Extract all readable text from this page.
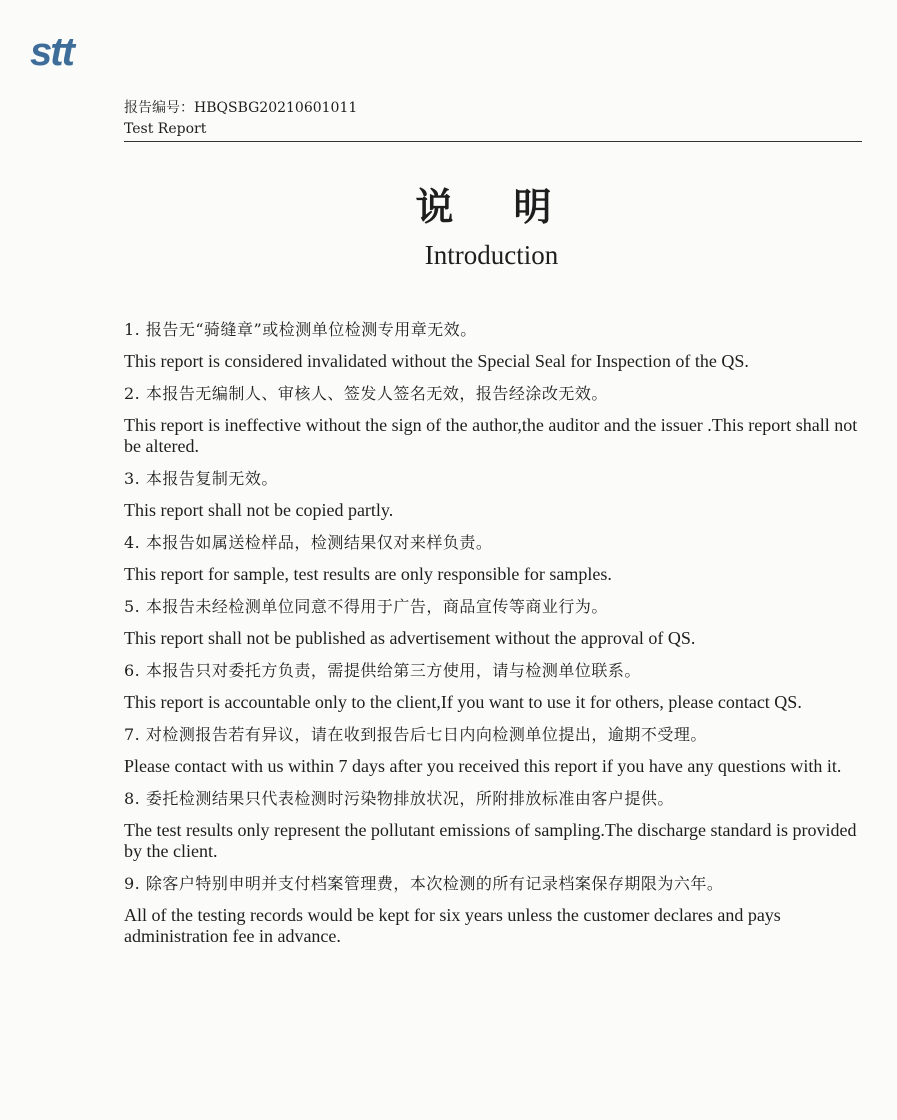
stt
报告编号：HBQSBG20210601011
Test Report
说明
Introduction
1. 报告无“骑缝章”或检测单位检测专用章无效。
This report is considered invalidated without the Special Seal for Inspection of the QS.
2. 本报告无编制人、审核人、签发人签名无效，报告经涂改无效。
This report is ineffective without the sign of the author,the auditor and the issuer .This report shall not be altered.
3. 本报告复制无效。
This report shall not be copied partly.
4. 本报告如属送检样品，检测结果仅对来样负责。
This report for sample, test results are only responsible for samples.
5. 本报告未经检测单位同意不得用于广告，商品宣传等商业行为。
This report shall not be published as advertisement without the approval of QS.
6. 本报告只对委托方负责，需提供给第三方使用，请与检测单位联系。
This report is accountable only to the client,If you want to use it for others, please contact QS.
7. 对检测报告若有异议，请在收到报告后七日内向检测单位提出，逾期不受理。
Please contact with us within 7 days after you received this report if you have any questions with it.
8. 委托检测结果只代表检测时污染物排放状况，所附排放标准由客户提供。
The test results only represent the pollutant emissions of sampling.The discharge standard is provided by the client.
9. 除客户特别申明并支付档案管理费，本次检测的所有记录档案保存期限为六年。
All of the testing records would be kept for six years unless the customer declares and pays administration fee in advance.
